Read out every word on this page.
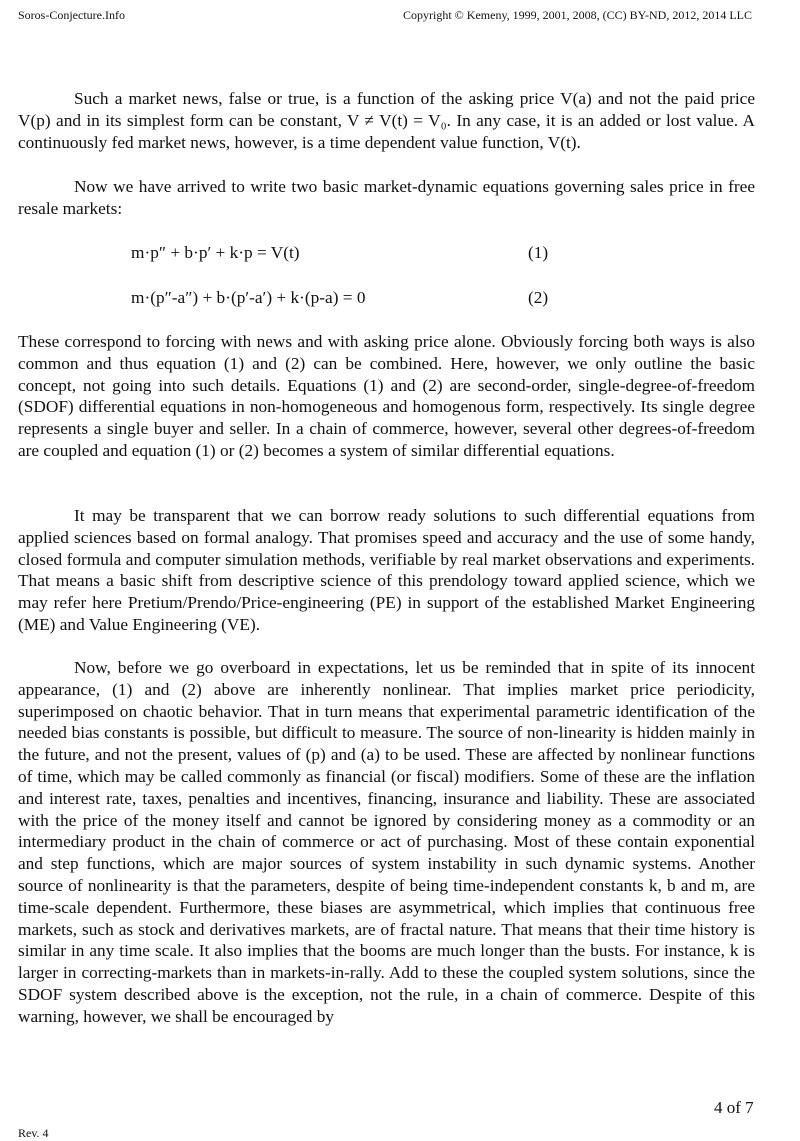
Soros-Conjecture.Info	Copyright © Kemeny, 1999, 2001, 2008, (CC) BY-ND, 2012, 2014 LLC

Such a market news, false or true, is a function of the asking price V(a) and not the paid price V(p) and in its simplest form can be constant, V ≠ V(t) = V₀. In any case, it is an added or lost value. A continuously fed market news, however, is a time dependent value function, V(t).

Now we have arrived to write two basic market-dynamic equations governing sales price in free resale markets:

m·p″ + b·p′ + k·p = V(t)	(1)
m·(p″-a″) + b·(p′-a′) + k·(p-a) = 0	(2)

These correspond to forcing with news and with asking price alone. Obviously forcing both ways is also common and thus equation (1) and (2) can be combined. Here, however, we only outline the basic concept, not going into such details. Equations (1) and (2) are second-order, single-degree-of-freedom (SDOF) differential equations in non-homogeneous and homogenous form, respectively. Its single degree represents a single buyer and seller. In a chain of commerce, however, several other degrees-of-freedom are coupled and equation (1) or (2) becomes a system of similar differential equations.

It may be transparent that we can borrow ready solutions to such differential equations from applied sciences based on formal analogy. That promises speed and accuracy and the use of some handy, closed formula and computer simulation methods, verifiable by real market observations and experiments. That means a basic shift from descriptive science of this prendology toward applied science, which we may refer here Pretium/Prendo/Price-engineering (PE) in support of the established Market Engineering (ME) and Value Engineering (VE).

Now, before we go overboard in expectations, let us be reminded that in spite of its innocent appearance, (1) and (2) above are inherently nonlinear. That implies market price periodicity, superimposed on chaotic behavior. That in turn means that experimental parametric identification of the needed bias constants is possible, but difficult to measure. The source of non-linearity is hidden mainly in the future, and not the present, values of (p) and (a) to be used. These are affected by nonlinear functions of time, which may be called commonly as financial (or fiscal) modifiers. Some of these are the inflation and interest rate, taxes, penalties and incentives, financing, insurance and liability. These are associated with the price of the money itself and cannot be ignored by considering money as a commodity or an intermediary product in the chain of commerce or act of purchasing. Most of these contain exponential and step functions, which are major sources of system instability in such dynamic systems. Another source of nonlinearity is that the parameters, despite of being time-independent constants k, b and m, are time-scale dependent. Furthermore, these biases are asymmetrical, which implies that continuous free markets, such as stock and derivatives markets, are of fractal nature. That means that their time history is similar in any time scale. It also implies that the booms are much longer than the busts. For instance, k is larger in correcting-markets than in markets-in-rally. Add to these the coupled system solutions, since the SDOF system described above is the exception, not the rule, in a chain of commerce. Despite of this warning, however, we shall be encouraged by

4 of 7
Rev. 4
